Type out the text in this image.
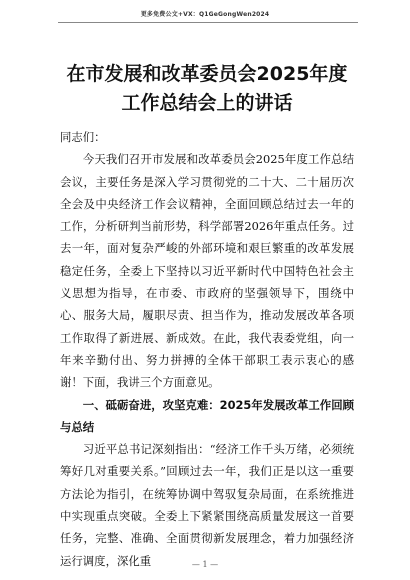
更多免费公文+VX：Q1GeGongWen2024
在市发展和改革委员会2025年度工作总结会上的讲话

同志们：

今天我们召开市发展和改革委员会2025年度工作总结会议，主要任务是深入学习贯彻党的二十大、二十届历次全会及中央经济工作会议精神，全面回顾总结过去一年的工作，分析研判当前形势，科学部署2026年重点任务。过去一年，面对复杂严峻的外部环境和艰巨繁重的改革发展稳定任务，全委上下坚持以习近平新时代中国特色社会主义思想为指导，在市委、市政府的坚强领导下，围绕中心、服务大局，履职尽责、担当作为，推动发展改革各项工作取得了新进展、新成效。在此，我代表委党组，向一年来辛勤付出、努力拼搏的全体干部职工表示衷心的感谢！下面，我讲三个方面意见。

一、砥砺奋进，攻坚克难：2025年发展改革工作回顾与总结

习近平总书记深刻指出：“经济工作千头万绪，必须统筹好几对重要关系。”回顾过去一年，我们正是以这一重要方法论为指引，在统筹协调中驾驭复杂局面，在系统推进中实现重点突破。全委上下紧紧围绕高质量发展这一首要任务，完整、准确、全面贯彻新发展理念，着力加强经济运行调度，深化重	— 1 —
